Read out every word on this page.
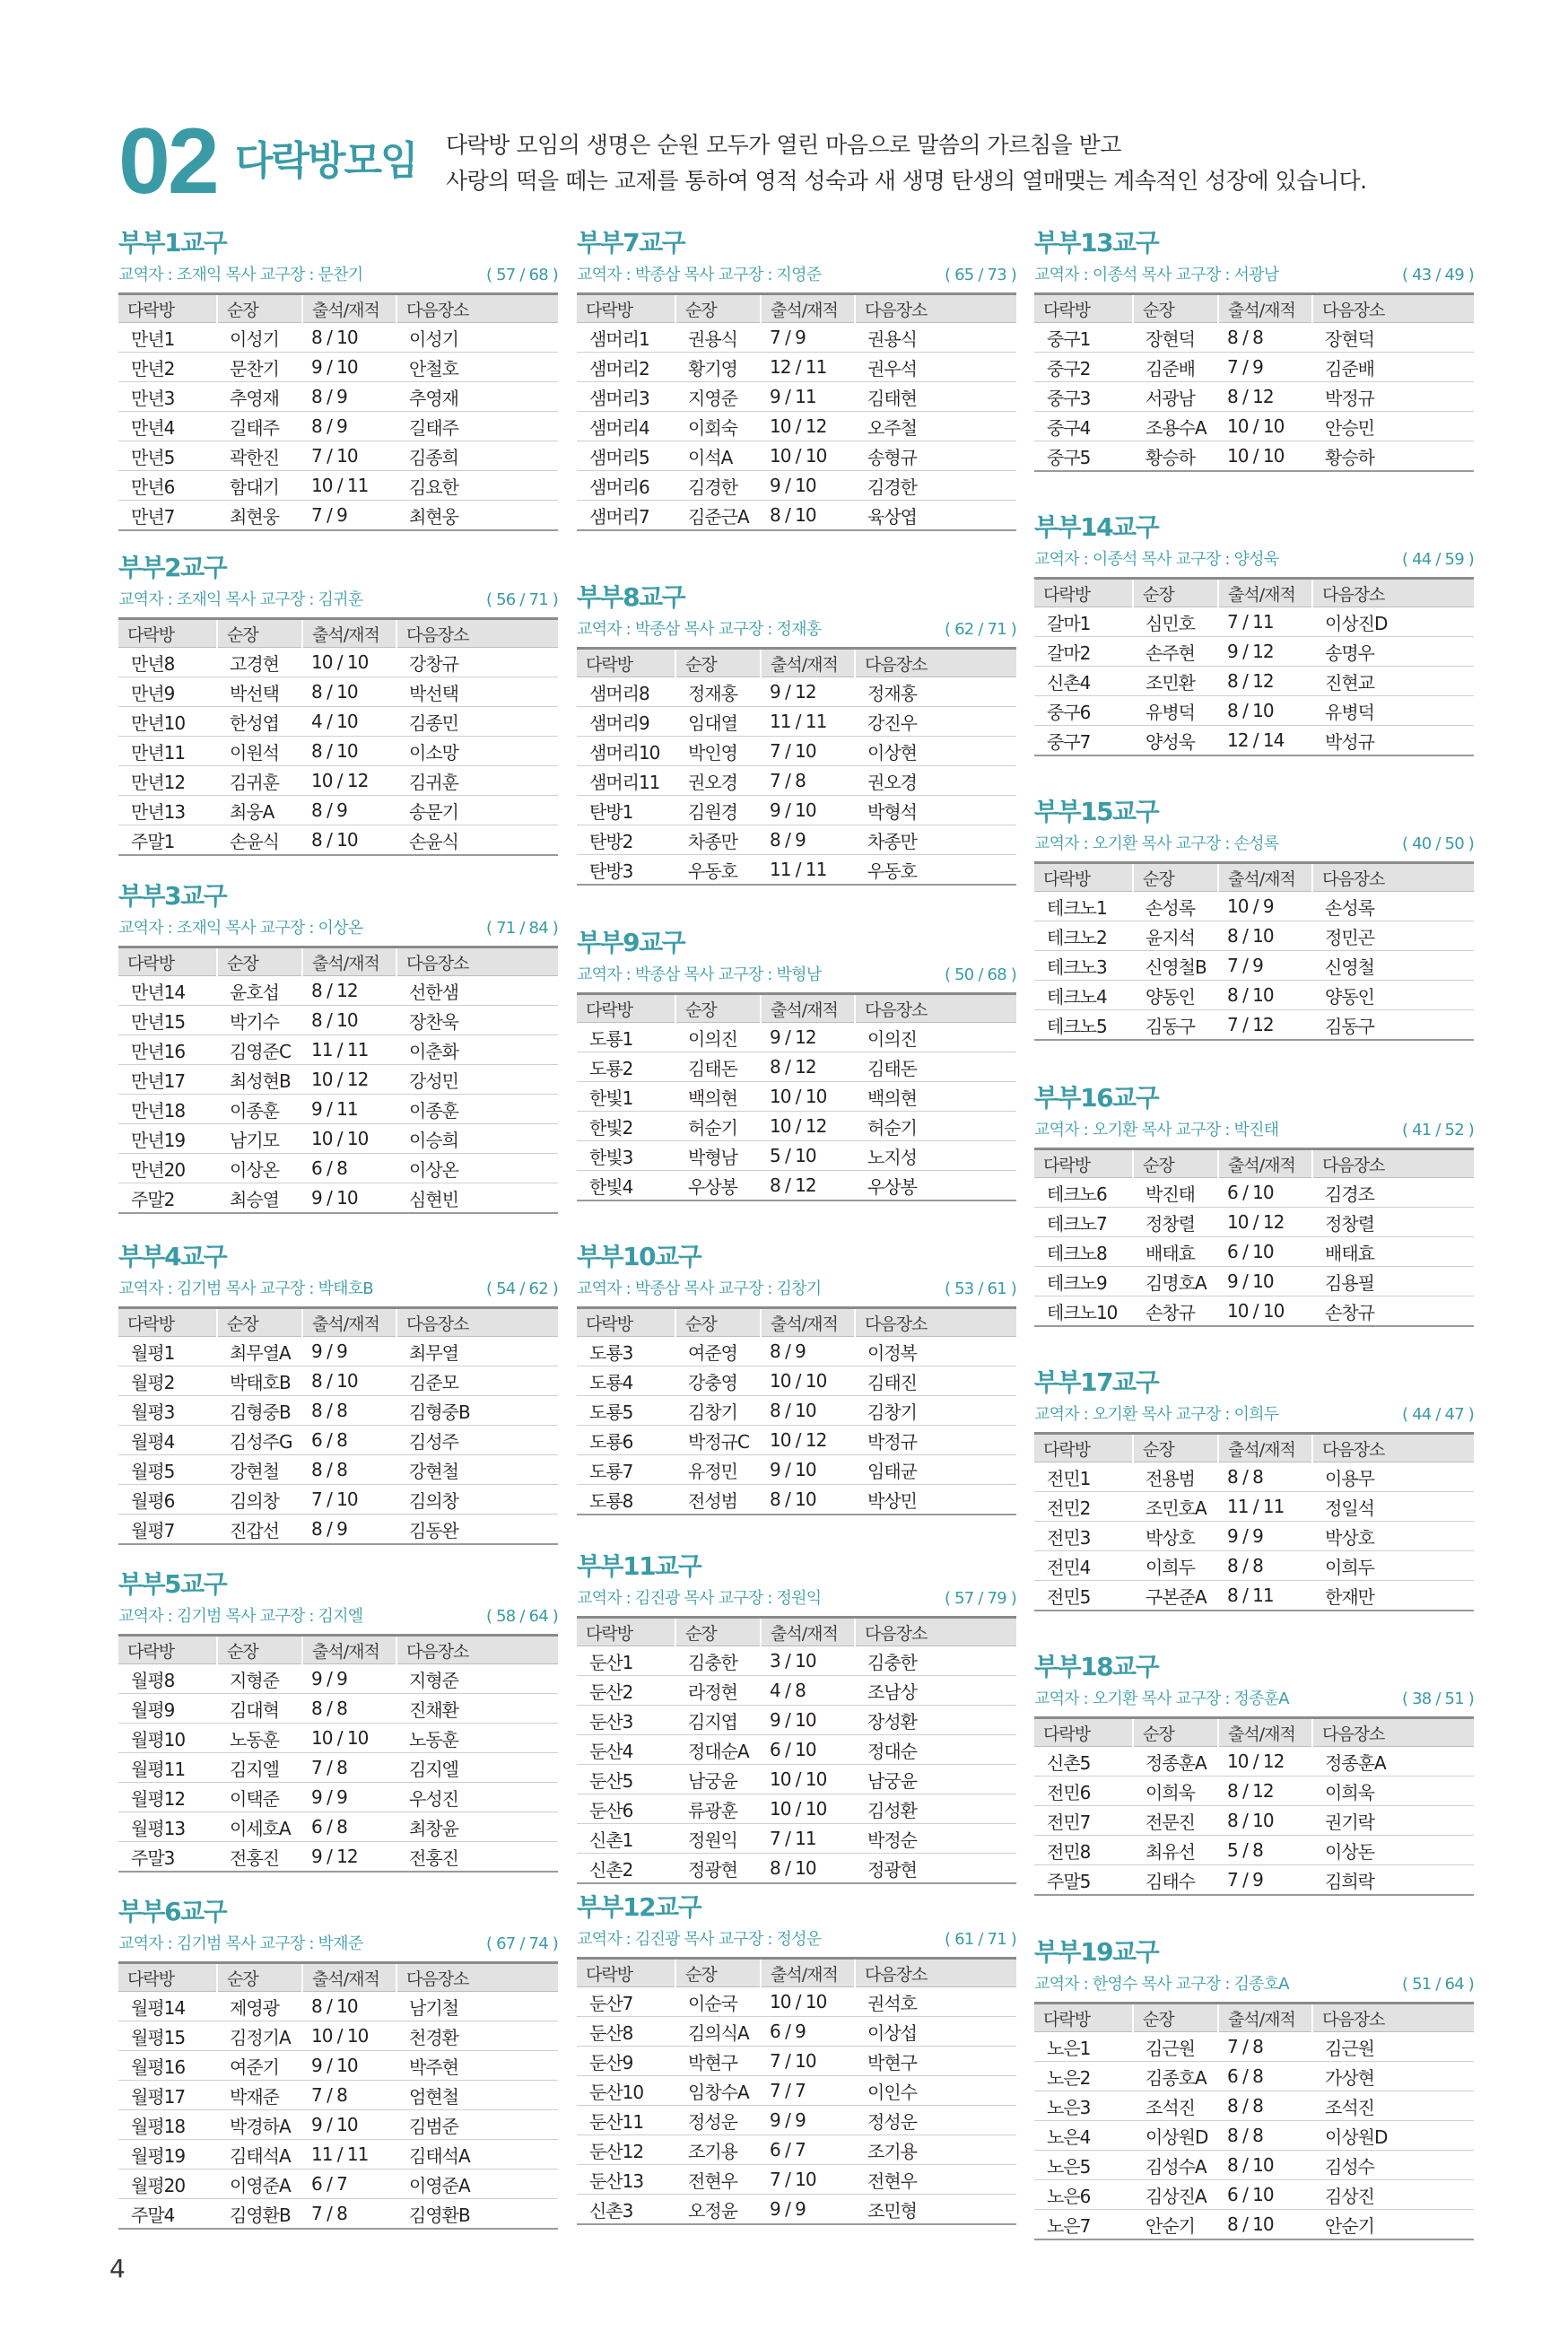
02 다락방모임 다락방 모임의 생명은 순원 모두가 열린 마음으로 말씀의 가르침을 받고
사랑의 떡을 떼는 교제를 통하여 영적 성숙과 새 생명 탄생의 열매맺는 계속적인 성장에 있습니다.
부부1교구
교역자 : 조재익 목사 교구장 : 문찬기	( 57 / 68 )
다락방	순장	출석/재적	다음장소
만년1	이성기	8 / 10	이성기
만년2	문찬기	9 / 10	안철호
만년3	추영재	8 / 9	추영재
만년4	길태주	8 / 9	길태주
만년5	곽한진	7 / 10	김종희
만년6	함대기	10 / 11	김요한
만년7	최현웅	7 / 9	최현웅
부부2교구
교역자 : 조재익 목사 교구장 : 김귀훈	( 56 / 71 )
다락방	순장	출석/재적	다음장소
만년8	고경현	10 / 10	강창규
만년9	박선택	8 / 10	박선택
만년10	한성엽	4 / 10	김종민
만년11	이원석	8 / 10	이소망
만년12	김귀훈	10 / 12	김귀훈
만년13	최웅A	8 / 9	송문기
주말1	손윤식	8 / 10	손윤식
부부3교구
교역자 : 조재익 목사 교구장 : 이상온	( 71 / 84 )
다락방	순장	출석/재적	다음장소
만년14	윤호섭	8 / 12	선한샘
만년15	박기수	8 / 10	장찬욱
만년16	김영준C	11 / 11	이춘화
만년17	최성현B	10 / 12	강성민
만년18	이종훈	9 / 11	이종훈
만년19	남기모	10 / 10	이승희
만년20	이상온	6 / 8	이상온
주말2	최승열	9 / 10	심현빈
부부4교구
교역자 : 김기범 목사 교구장 : 박태호B	( 54 / 62 )
다락방	순장	출석/재적	다음장소
월평1	최무열A	9 / 9	최무열
월평2	박태호B	8 / 10	김준모
월평3	김형중B	8 / 8	김형중B
월평4	김성주G	6 / 8	김성주
월평5	강현철	8 / 8	강현철
월평6	김의창	7 / 10	김의창
월평7	진갑선	8 / 9	김동완
부부5교구
교역자 : 김기범 목사 교구장 : 김지엘	( 58 / 64 )
다락방	순장	출석/재적	다음장소
월평8	지형준	9 / 9	지형준
월평9	김대혁	8 / 8	진채환
월평10	노동훈	10 / 10	노동훈
월평11	김지엘	7 / 8	김지엘
월평12	이택준	9 / 9	우성진
월평13	이세호A	6 / 8	최창윤
주말3	전홍진	9 / 12	전홍진
부부6교구
교역자 : 김기범 목사 교구장 : 박재준	( 67 / 74 )
다락방	순장	출석/재적	다음장소
월평14	제영광	8 / 10	남기철
월평15	김정기A	10 / 10	천경환
월평16	여준기	9 / 10	박주현
월평17	박재준	7 / 8	엄현철
월평18	박경하A	9 / 10	김범준
월평19	김태석A	11 / 11	김태석A
월평20	이영준A	6 / 7	이영준A
주말4	김영환B	7 / 8	김영환B
부부7교구
교역자 : 박종삼 목사 교구장 : 지영준	( 65 / 73 )
다락방	순장	출석/재적	다음장소
샘머리1	권용식	7 / 9	권용식
샘머리2	황기영	12 / 11	권우석
샘머리3	지영준	9 / 11	김태현
샘머리4	이회숙	10 / 12	오주철
샘머리5	이석A	10 / 10	송형규
샘머리6	김경한	9 / 10	김경한
샘머리7	김준근A	8 / 10	육상엽
부부8교구
교역자 : 박종삼 목사 교구장 : 정재홍	( 62 / 71 )
다락방	순장	출석/재적	다음장소
샘머리8	정재홍	9 / 12	정재홍
샘머리9	임대열	11 / 11	강진우
샘머리10	박인영	7 / 10	이상현
샘머리11	권오경	7 / 8	권오경
탄방1	김원경	9 / 10	박형석
탄방2	차종만	8 / 9	차종만
탄방3	우동호	11 / 11	우동호
부부9교구
교역자 : 박종삼 목사 교구장 : 박형남	( 50 / 68 )
다락방	순장	출석/재적	다음장소
도룡1	이의진	9 / 12	이의진
도룡2	김태돈	8 / 12	김태돈
한빛1	백의현	10 / 10	백의현
한빛2	허순기	10 / 12	허순기
한빛3	박형남	5 / 10	노지성
한빛4	우상봉	8 / 12	우상봉
부부10교구
교역자 : 박종삼 목사 교구장 : 김창기	( 53 / 61 )
다락방	순장	출석/재적	다음장소
도룡3	여준영	8 / 9	이정복
도룡4	강충영	10 / 10	김태진
도룡5	김창기	8 / 10	김창기
도룡6	박정규C	10 / 12	박정규
도룡7	유정민	9 / 10	임태균
도룡8	전성범	8 / 10	박상민
부부11교구
교역자 : 김진광 목사 교구장 : 정원익	( 57 / 79 )
다락방	순장	출석/재적	다음장소
둔산1	김충한	3 / 10	김충한
둔산2	라정현	4 / 8	조남상
둔산3	김지엽	9 / 10	장성환
둔산4	정대순A	6 / 10	정대순
둔산5	남궁윤	10 / 10	남궁윤
둔산6	류광훈	10 / 10	김성환
신촌1	정원익	7 / 11	박정순
신촌2	정광현	8 / 10	정광현
부부12교구
교역자 : 김진광 목사 교구장 : 정성운	( 61 / 71 )
다락방	순장	출석/재적	다음장소
둔산7	이순국	10 / 10	권석호
둔산8	김의식A	6 / 9	이상섭
둔산9	박현구	7 / 10	박현구
둔산10	임창수A	7 / 7	이인수
둔산11	정성운	9 / 9	정성운
둔산12	조기용	6 / 7	조기용
둔산13	전현우	7 / 10	전현우
신촌3	오정윤	9 / 9	조민형
부부13교구
교역자 : 이종석 목사 교구장 : 서광남	( 43 / 49 )
다락방	순장	출석/재적	다음장소
중구1	장현덕	8 / 8	장현덕
중구2	김준배	7 / 9	김준배
중구3	서광남	8 / 12	박정규
중구4	조용수A	10 / 10	안승민
중구5	황승하	10 / 10	황승하
부부14교구
교역자 : 이종석 목사 교구장 : 양성욱	( 44 / 59 )
다락방	순장	출석/재적	다음장소
갈마1	심민호	7 / 11	이상진D
갈마2	손주현	9 / 12	송명우
신촌4	조민환	8 / 12	진현교
중구6	유병덕	8 / 10	유병덕
중구7	양성욱	12 / 14	박성규
부부15교구
교역자 : 오기환 목사 교구장 : 손성록	( 40 / 50 )
다락방	순장	출석/재적	다음장소
테크노1	손성록	10 / 9	손성록
테크노2	윤지석	8 / 10	정민곤
테크노3	신영철B	7 / 9	신영철
테크노4	양동인	8 / 10	양동인
테크노5	김동구	7 / 12	김동구
부부16교구
교역자 : 오기환 목사 교구장 : 박진태	( 41 / 52 )
다락방	순장	출석/재적	다음장소
테크노6	박진태	6 / 10	김경조
테크노7	정창렬	10 / 12	정창렬
테크노8	배태효	6 / 10	배태효
테크노9	김명호A	9 / 10	김용필
테크노10	손창규	10 / 10	손창규
부부17교구
교역자 : 오기환 목사 교구장 : 이희두	( 44 / 47 )
다락방	순장	출석/재적	다음장소
전민1	전용범	8 / 8	이용무
전민2	조민호A	11 / 11	정일석
전민3	박상호	9 / 9	박상호
전민4	이희두	8 / 8	이희두
전민5	구본준A	8 / 11	한재만
부부18교구
교역자 : 오기환 목사 교구장 : 정종훈A	( 38 / 51 )
다락방	순장	출석/재적	다음장소
신촌5	정종훈A	10 / 12	정종훈A
전민6	이희욱	8 / 12	이희욱
전민7	전문진	8 / 10	권기락
전민8	최유선	5 / 8	이상돈
주말5	김태수	7 / 9	김희락
부부19교구
교역자 : 한영수 목사 교구장 : 김종호A	( 51 / 64 )
다락방	순장	출석/재적	다음장소
노은1	김근원	7 / 8	김근원
노은2	김종호A	6 / 8	가상현
노은3	조석진	8 / 8	조석진
노은4	이상원D	8 / 8	이상원D
노은5	김성수A	8 / 10	김성수
노은6	김상진A	6 / 10	김상진
노은7	안순기	8 / 10	안순기
4
